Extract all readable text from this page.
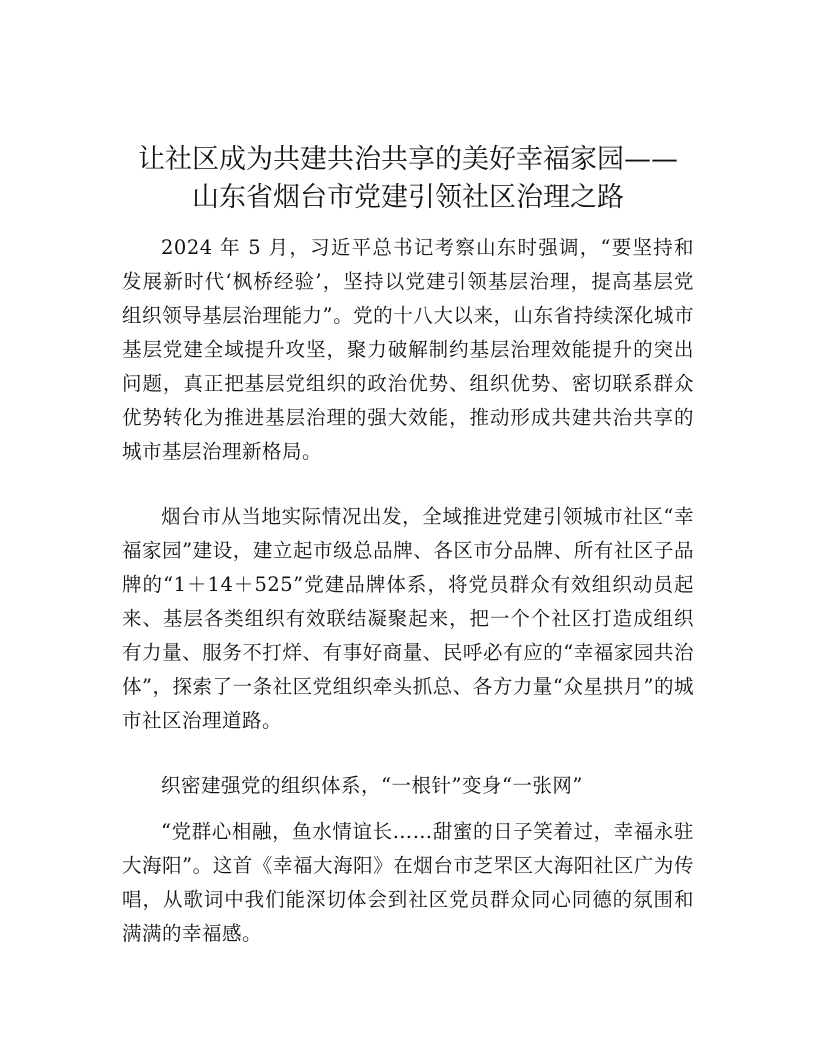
让社区成为共建共治共享的美好幸福家园——
山东省烟台市党建引领社区治理之路

2024 年 5 月，习近平总书记考察山东时强调，“要坚持和发展新时代‘枫桥经验’，坚持以党建引领基层治理，提高基层党组织领导基层治理能力”。党的十八大以来，山东省持续深化城市基层党建全域提升攻坚，聚力破解制约基层治理效能提升的突出问题，真正把基层党组织的政治优势、组织优势、密切联系群众优势转化为推进基层治理的强大效能，推动形成共建共治共享的城市基层治理新格局。

烟台市从当地实际情况出发，全域推进党建引领城市社区“幸福家园”建设，建立起市级总品牌、各区市分品牌、所有社区子品牌的“1＋14＋525”党建品牌体系，将党员群众有效组织动员起来、基层各类组织有效联结凝聚起来，把一个个社区打造成组织有力量、服务不打烊、有事好商量、民呼必有应的“幸福家园共治体”，探索了一条社区党组织牵头抓总、各方力量“众星拱月”的城市社区治理道路。

织密建强党的组织体系，“一根针”变身“一张网”

“党群心相融，鱼水情谊长……甜蜜的日子笑着过，幸福永驻大海阳”。这首《幸福大海阳》在烟台市芝罘区大海阳社区广为传唱，从歌词中我们能深切体会到社区党员群众同心同德的氛围和满满的幸福感。
